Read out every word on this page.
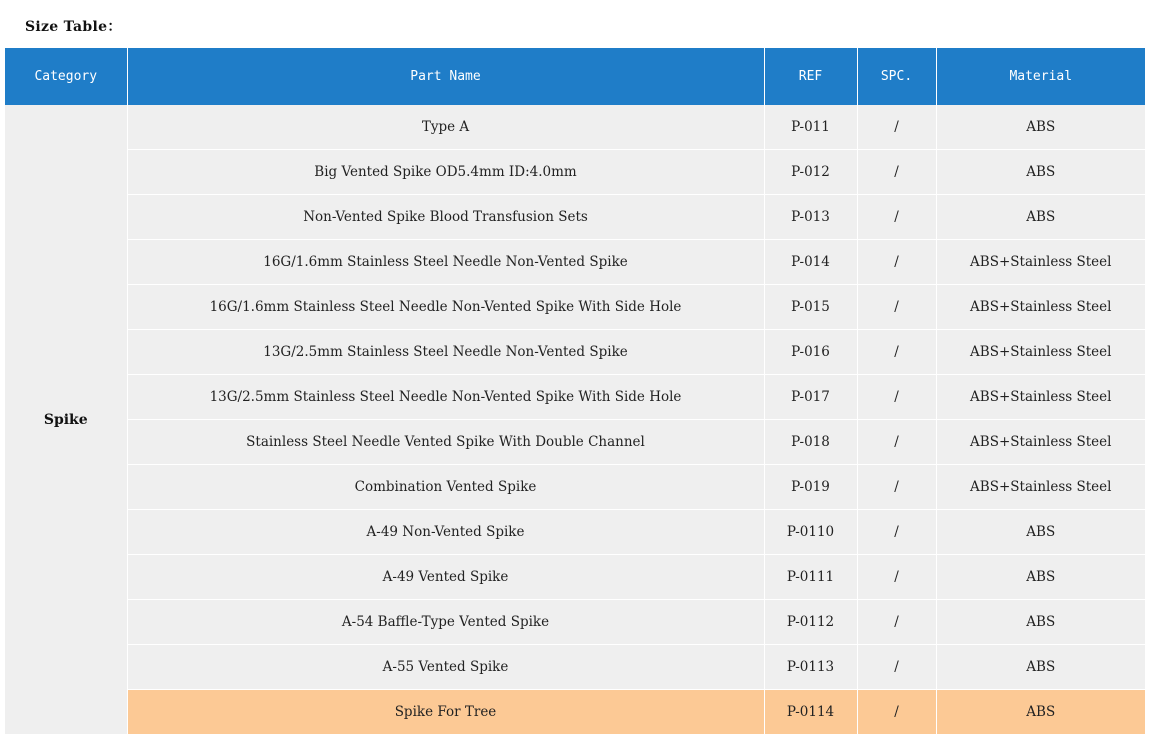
Size Table：
Category	Part Name	REF	SPC.	Material
Spike	Type A	P-011	/	ABS
	Big Vented Spike OD5.4mm ID:4.0mm	P-012	/	ABS
	Non-Vented Spike Blood Transfusion Sets	P-013	/	ABS
	16G/1.6mm Stainless Steel Needle Non-Vented Spike	P-014	/	ABS+Stainless Steel
	16G/1.6mm Stainless Steel Needle Non-Vented Spike With Side Hole	P-015	/	ABS+Stainless Steel
	13G/2.5mm Stainless Steel Needle Non-Vented Spike	P-016	/	ABS+Stainless Steel
	13G/2.5mm Stainless Steel Needle Non-Vented Spike With Side Hole	P-017	/	ABS+Stainless Steel
	Stainless Steel Needle Vented Spike With Double Channel	P-018	/	ABS+Stainless Steel
	Combination Vented Spike	P-019	/	ABS+Stainless Steel
	A-49 Non-Vented Spike	P-0110	/	ABS
	A-49 Vented Spike	P-0111	/	ABS
	A-54 Baffle-Type Vented Spike	P-0112	/	ABS
	A-55 Vented Spike	P-0113	/	ABS
	Spike For Tree	P-0114	/	ABS
